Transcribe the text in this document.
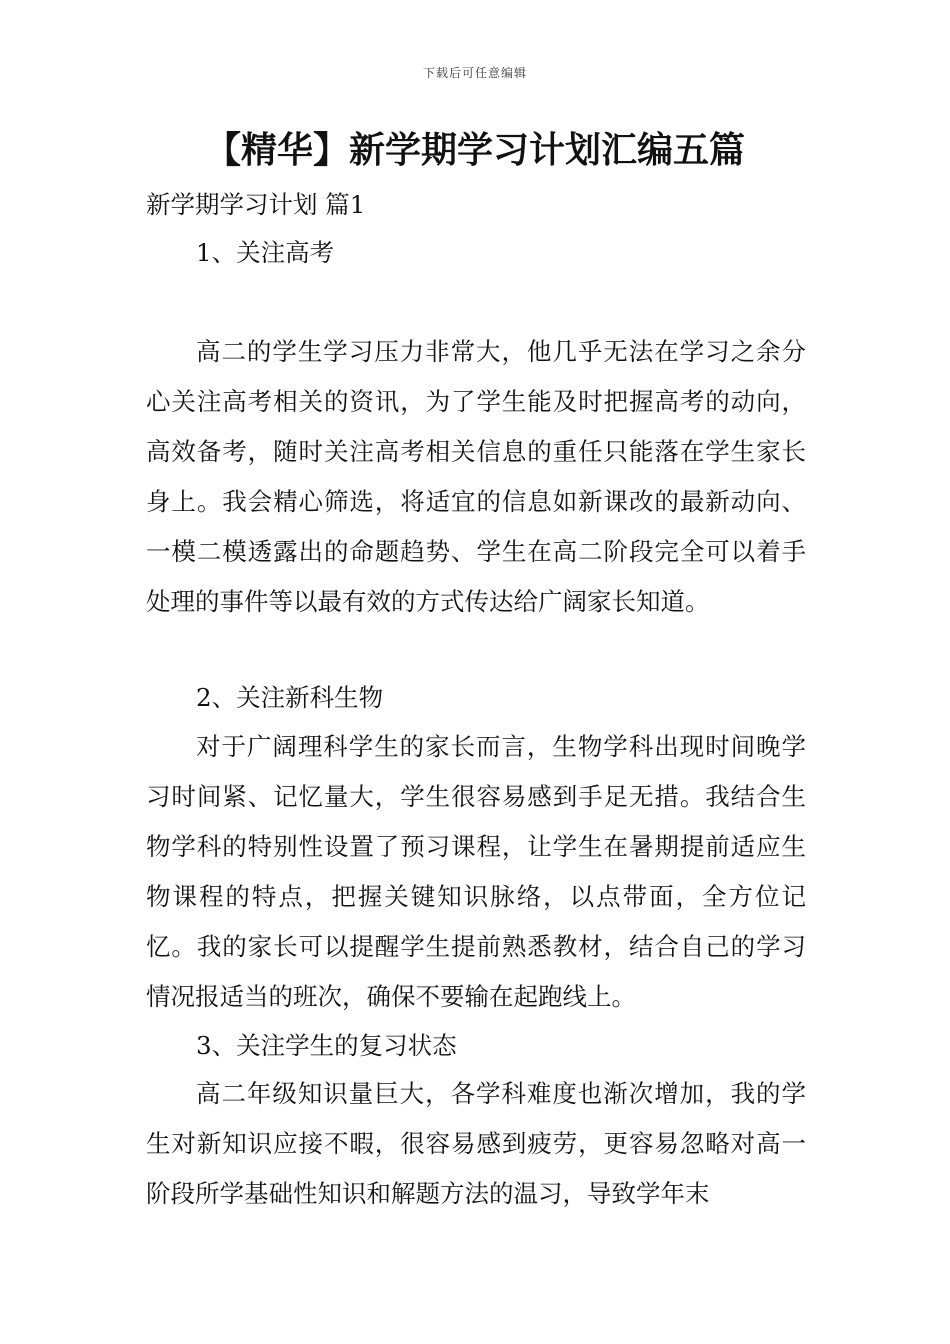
下载后可任意编辑
【精华】新学期学习计划汇编五篇
新学期学习计划 篇1
1、关注高考
高二的学生学习压力非常大，他几乎无法在学习之余分心关注高考相关的资讯，为了学生能及时把握高考的动向，高效备考，随时关注高考相关信息的重任只能落在学生家长身上。我会精心筛选，将适宜的信息如新课改的最新动向、一模二模透露出的命题趋势、学生在高二阶段完全可以着手处理的事件等以最有效的方式传达给广阔家长知道。
2、关注新科生物
对于广阔理科学生的家长而言，生物学科出现时间晚学习时间紧、记忆量大，学生很容易感到手足无措。我结合生物学科的特别性设置了预习课程，让学生在暑期提前适应生物课程的特点，把握关键知识脉络，以点带面，全方位记忆。我的家长可以提醒学生提前熟悉教材，结合自己的学习情况报适当的班次，确保不要输在起跑线上。
3、关注学生的复习状态
高二年级知识量巨大，各学科难度也渐次增加，我的学生对新知识应接不暇，很容易感到疲劳，更容易忽略对高一阶段所学基础性知识和解题方法的温习，导致学年末
